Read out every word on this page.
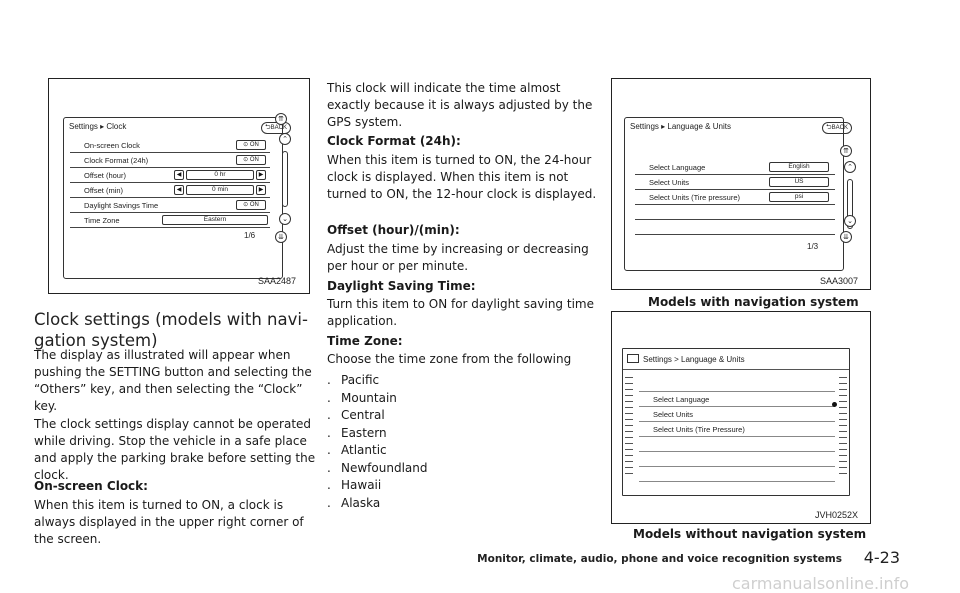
Settings ▸ Clock	⮌BACK
On-screen Clock	⊙ ON
Clock Format (24h)	⊙ ON
Offset (hour)	◀	0 hr	▶
Offset (min)	◀	0 min	▶
Daylight Savings Time	⊙ ON
Time Zone	Eastern
1/6
⇈
⌃
⌄
⇊
SAA2487
Clock settings (models with navi-
gation system)
The display as illustrated will appear when pushing the SETTING button and selecting the “Others” key, and then selecting the “Clock” key.
The clock settings display cannot be operated while driving. Stop the vehicle in a safe place and apply the parking brake before setting the clock.
On-screen Clock:
When this item is turned to ON, a clock is always displayed in the upper right corner of the screen.
This clock will indicate the time almost exactly because it is always adjusted by the GPS system.
Clock Format (24h):
When this item is turned to ON, the 24-hour clock is displayed. When this item is not turned to ON, the 12-hour clock is displayed.
Offset (hour)/(min):
Adjust the time by increasing or decreasing per hour or per minute.
Daylight Saving Time:
Turn this item to ON for daylight saving time application.
Time Zone:
Choose the time zone from the following
. Pacific
. Mountain
. Central
. Eastern
. Atlantic
. Newfoundland
. Hawaii
. Alaska
Settings ▸ Language & Units	⮌BACK
Select Language	English
Select Units	US
Select Units (Tire pressure)	psi
1/3
⇈
⌃
⌄
⇊
SAA3007
Models with navigation system
Settings > Language & Units
Select Language
Select Units
Select Units (Tire Pressure)
JVH0252X
Models without navigation system
Monitor, climate, audio, phone and voice recognition systems 4-23
carmanualsonline.info
